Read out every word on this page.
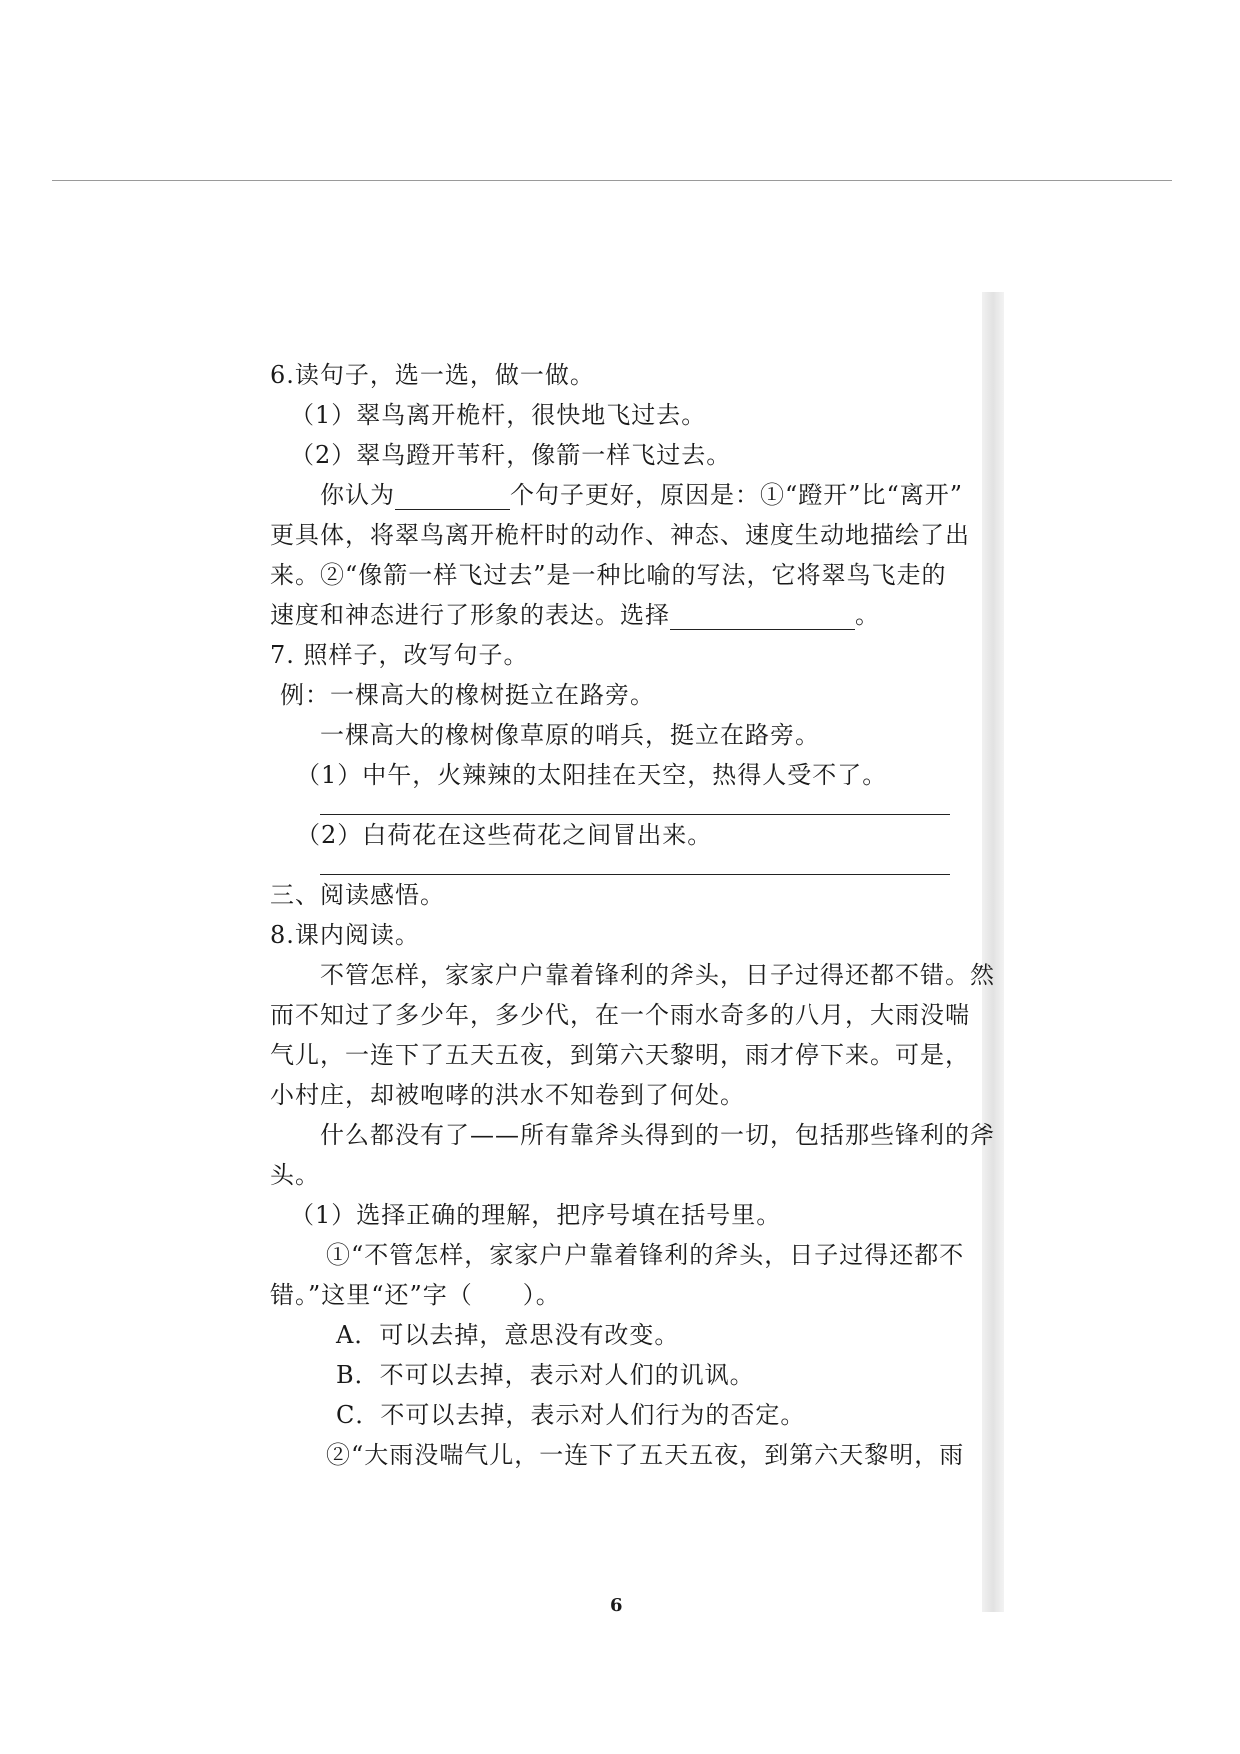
6.读句子，选一选，做一做。
（1）翠鸟离开桅杆，很快地飞过去。
（2）翠鸟蹬开苇秆，像箭一样飞过去。
你认为	个句子更好，原因是：①“蹬开”比“离开”
更具体，将翠鸟离开桅杆时的动作、神态、速度生动地描绘了出
来。②“像箭一样飞过去”是一种比喻的写法，它将翠鸟飞走的
速度和神态进行了形象的表达。选择	。
7. 照样子，改写句子。
例：一棵高大的橡树挺立在路旁。
一棵高大的橡树像草原的哨兵，挺立在路旁。
（1）中午，火辣辣的太阳挂在天空，热得人受不了。
（2）白荷花在这些荷花之间冒出来。
三、阅读感悟。
8.课内阅读。
不管怎样，家家户户靠着锋利的斧头，日子过得还都不错。然
而不知过了多少年，多少代，在一个雨水奇多的八月，大雨没喘
气儿，一连下了五天五夜，到第六天黎明，雨才停下来。可是，
小村庄，却被咆哮的洪水不知卷到了何处。
什么都没有了——所有靠斧头得到的一切，包括那些锋利的斧
头。
（1）选择正确的理解，把序号填在括号里。
①“不管怎样，家家户户靠着锋利的斧头，日子过得还都不
错。”这里“还”字（　　）。
A．可以去掉，意思没有改变。
B．不可以去掉，表示对人们的讥讽。
C．不可以去掉，表示对人们行为的否定。
6
②“大雨没喘气儿，一连下了五天五夜，到第六天黎明，雨
